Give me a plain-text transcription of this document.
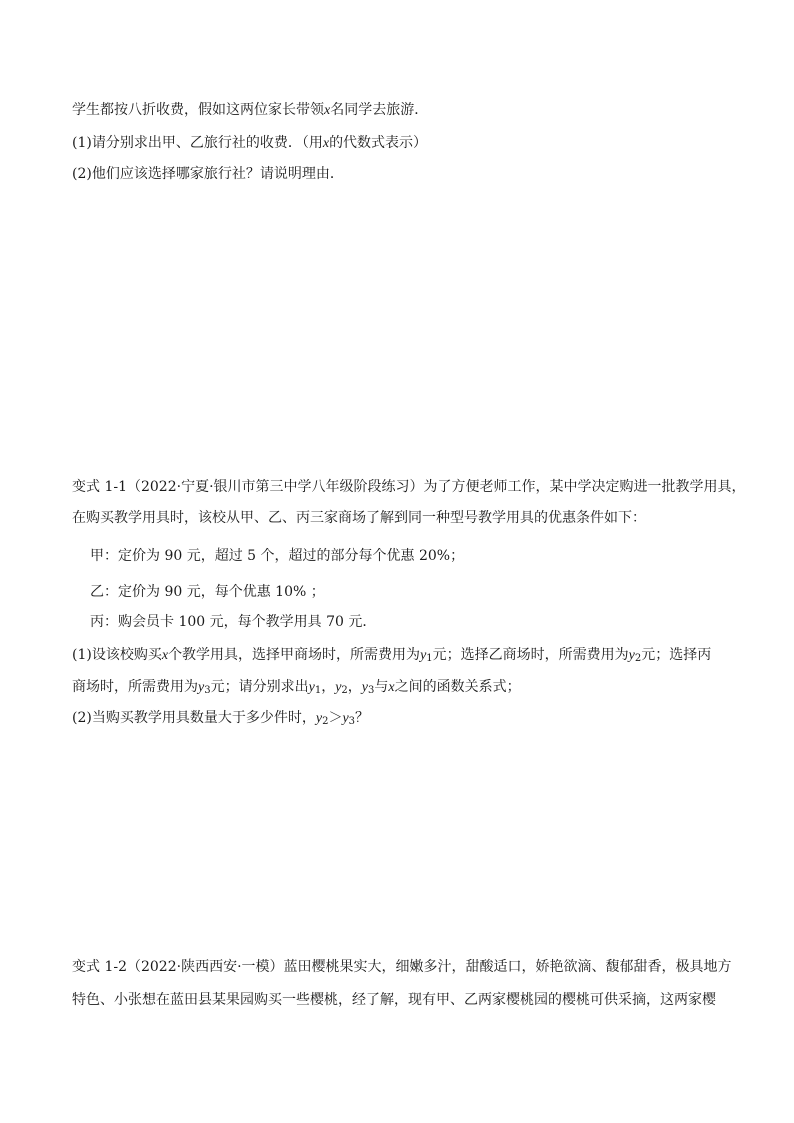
学生都按八折收费，假如这两位家长带领x名同学去旅游．
(1)请分别求出甲、乙旅行社的收费．（用x的代数式表示）
(2)他们应该选择哪家旅行社？请说明理由．
变式 1-1（2022·宁夏·银川市第三中学八年级阶段练习）为了方便老师工作，某中学决定购进一批教学用具，
在购买教学用具时，该校从甲、乙、丙三家商场了解到同一种型号教学用具的优惠条件如下：
甲：定价为 90 元，超过 5 个，超过的部分每个优惠 20%；
乙：定价为 90 元，每个优惠 10% ；
丙：购会员卡 100 元，每个教学用具 70 元．
(1)设该校购买x个教学用具，选择甲商场时，所需费用为$y_1$元；选择乙商场时，所需费用为$y_2$元；选择丙
商场时，所需费用为$y_3$元；请分别求出$y_1$，$y_2$，$y_3$与x之间的函数关系式；
(2)当购买教学用具数量大于多少件时，$y_2>y_3$？
变式 1-2（2022·陕西西安·一模）蓝田樱桃果实大，细嫩多汁，甜酸适口，娇艳欲滴、馥郁甜香，极具地方
特色、小张想在蓝田县某果园购买一些樱桃，经了解，现有甲、乙两家樱桃园的樱桃可供采摘，这两家樱
